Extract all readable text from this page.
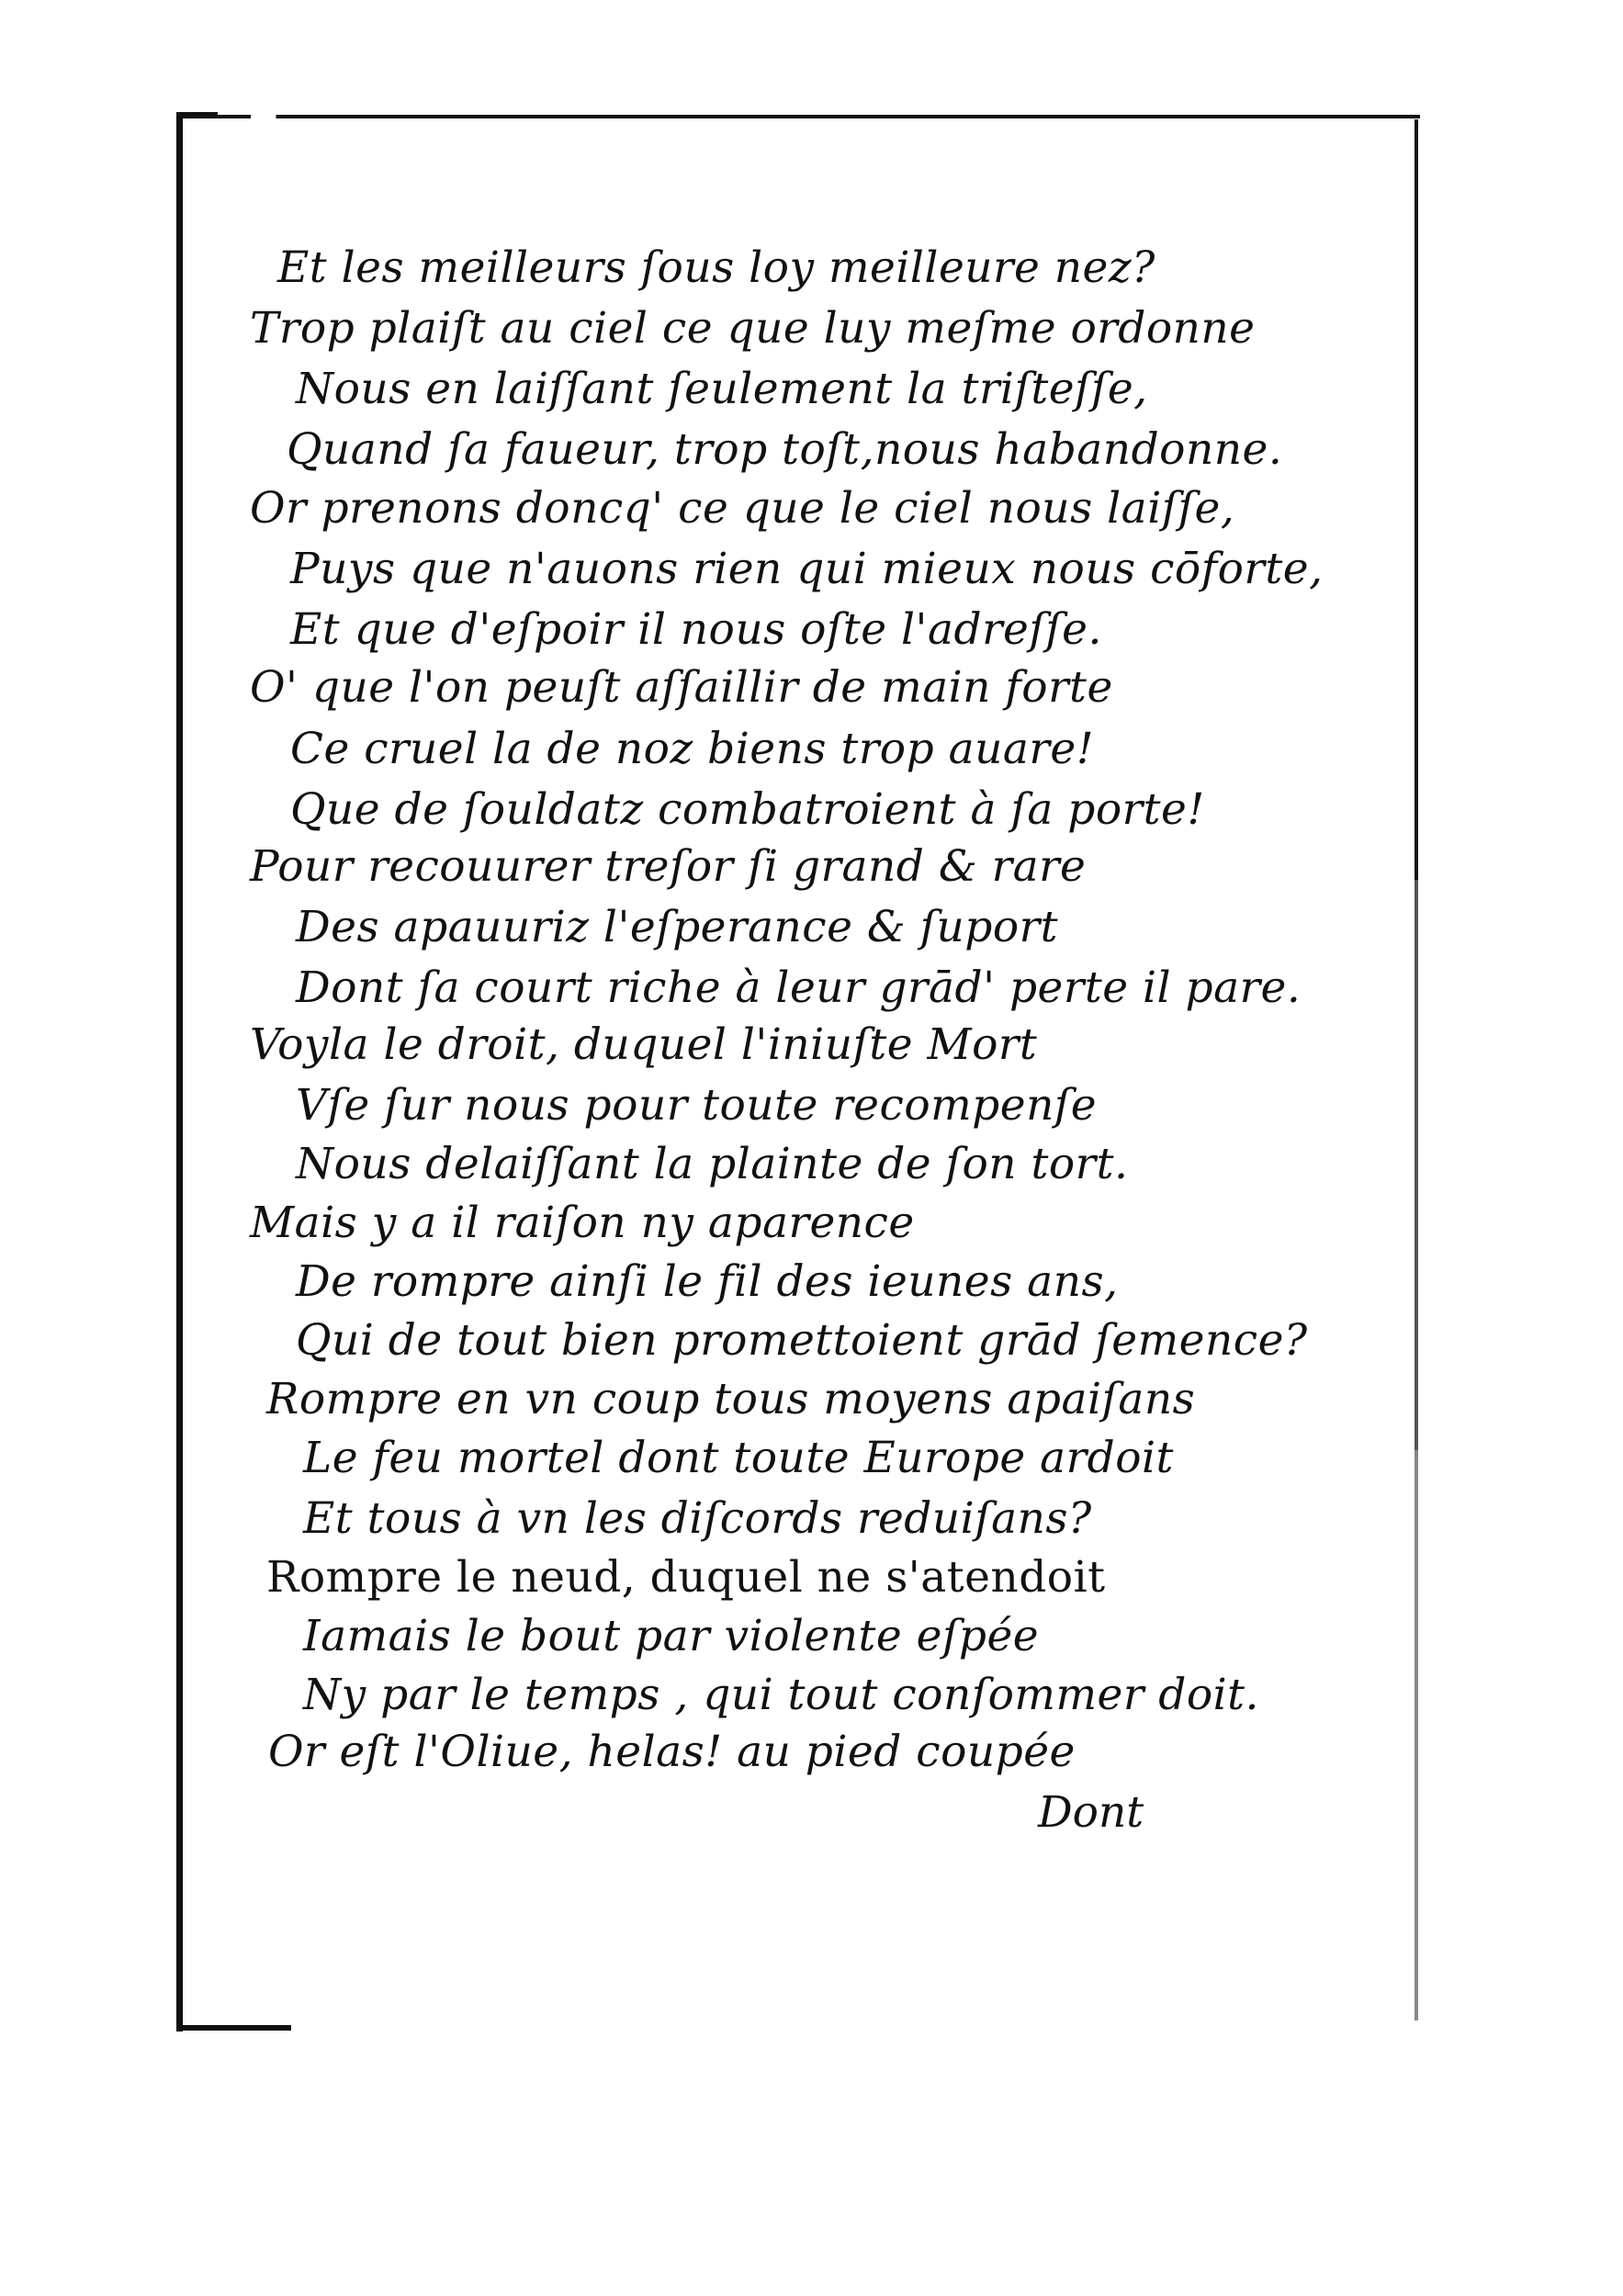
Et les meilleurs ſous loy meilleure nez?
Trop plaiſt au ciel ce que luy meſme ordonne
Nous en laiſſant ſeulement la triſteſſe,
Quand ſa faueur, trop toſt,nous habandonne.
Or prenons doncq' ce que le ciel nous laiſſe,
Puys que n'auons rien qui mieux nous cōforte,
Et que d'eſpoir il nous oſte l'adreſſe.
O' que l'on peuſt aſſaillir de main forte
Ce cruel la de noz biens trop auare!
Que de ſouldatz combatroient à ſa porte!
Pour recouurer treſor ſi grand & rare
Des apauuriz l'eſperance & ſuport
Dont ſa court riche à leur grād' perte il pare.
Voyla le droit, duquel l'iniuſte Mort
Vſe ſur nous pour toute recompenſe
Nous delaiſſant la plainte de ſon tort.
Mais y a il raiſon ny aparence
De rompre ainſi le fil des ieunes ans,
Qui de tout bien promettoient grād ſemence?
Rompre en vn coup tous moyens apaiſans
Le feu mortel dont toute Europe ardoit
Et tous à vn les diſcords reduiſans?
Rompre le neud, duquel ne s'atendoit
Iamais le bout par violente eſpée
Ny par le temps , qui tout conſommer doit.
Or eſt l'Oliue, helas! au pied coupée
Dont
